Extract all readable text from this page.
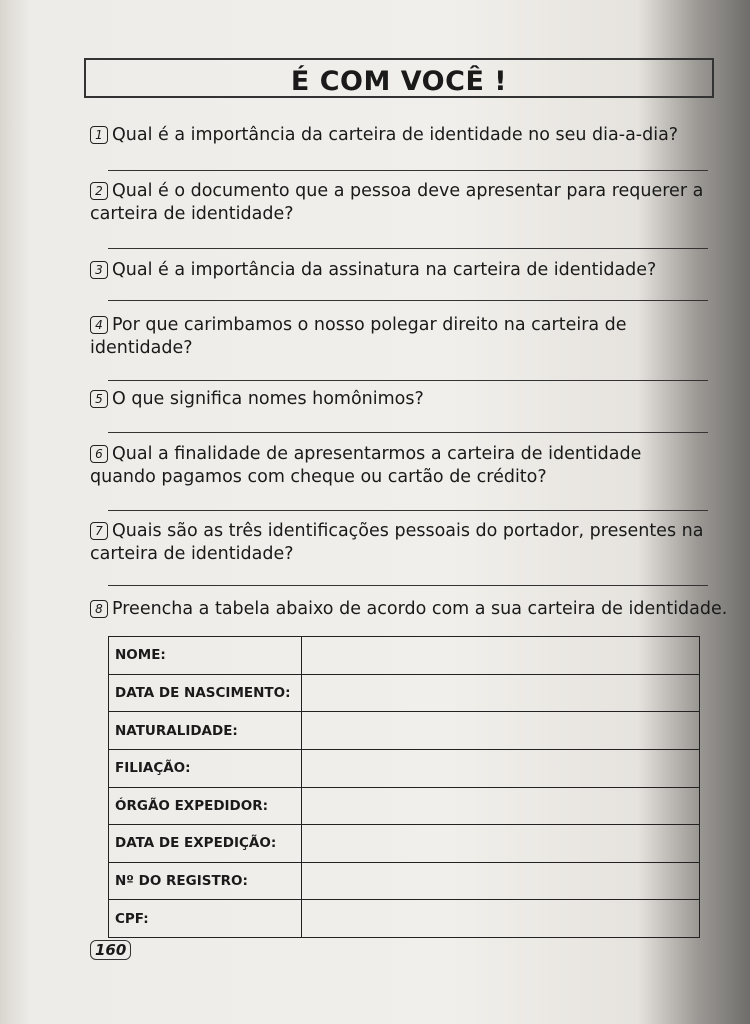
É COM VOCÊ !
1 Qual é a importância da carteira de identidade no seu dia-a-dia?
2 Qual é o documento que a pessoa deve apresentar para requerer a carteira de identidade?
3 Qual é a importância da assinatura na carteira de identidade?
4 Por que carimbamos o nosso polegar direito na carteira de identidade?
5 O que significa nomes homônimos?
6 Qual a finalidade de apresentarmos a carteira de identidade quando pagamos com cheque ou cartão de crédito?
7 Quais são as três identificações pessoais do portador, presentes na carteira de identidade?
8 Preencha a tabela abaixo de acordo com a sua carteira de identidade.
NOME:	
DATA DE NASCIMENTO:	
NATURALIDADE:	
FILIAÇÃO:	
ÓRGÃO EXPEDIDOR:	
DATA DE EXPEDIÇÃO:	
Nº DO REGISTRO:	
CPF:	
160
